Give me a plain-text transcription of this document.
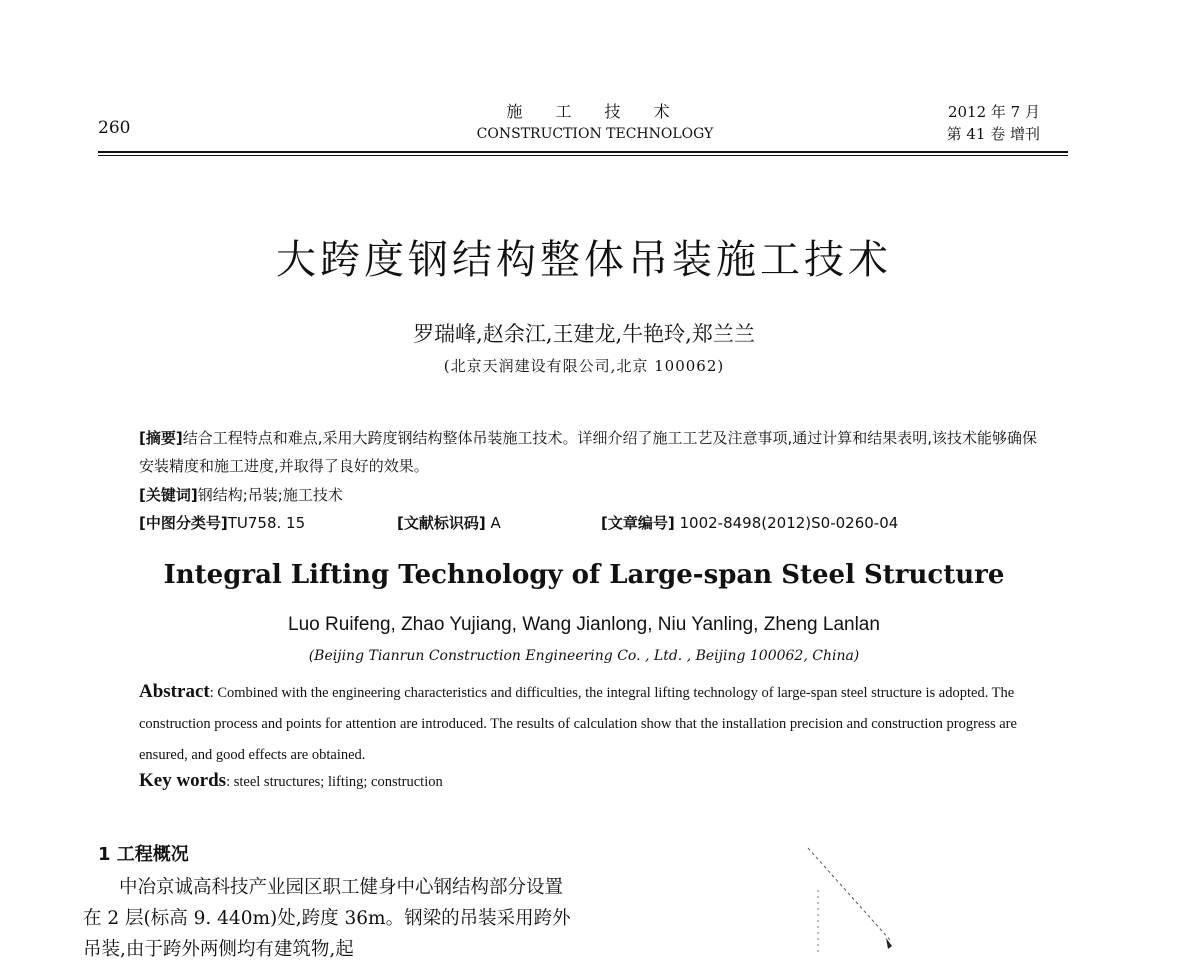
260
施 工 技 术
CONSTRUCTION TECHNOLOGY
2012 年 7 月
第 41 卷 增刊
大跨度钢结构整体吊装施工技术
罗瑞峰,赵余江,王建龙,牛艳玲,郑兰兰
(北京天润建设有限公司,北京 100062)
[摘要]结合工程特点和难点,采用大跨度钢结构整体吊装施工技术。详细介绍了施工工艺及注意事项,通过计算和结果表明,该技术能够确保安装精度和施工进度,并取得了良好的效果。
[关键词]钢结构;吊装;施工技术
[中图分类号]TU758. 15	[文献标识码] A	[文章编号] 1002-8498(2012)S0-0260-04
Integral Lifting Technology of Large-span Steel Structure
Luo Ruifeng, Zhao Yujiang, Wang Jianlong, Niu Yanling, Zheng Lanlan
(Beijing Tianrun Construction Engineering Co. , Ltd. , Beijing 100062, China)
Abstract: Combined with the engineering characteristics and difficulties, the integral lifting technology of large-span steel structure is adopted. The construction process and points for attention are introduced. The results of calculation show that the installation precision and construction progress are ensured, and good effects are obtained.
Key words: steel structures; lifting; construction
1 工程概况
中冶京诚高科技产业园区职工健身中心钢结构部分设置在 2 层(标高 9. 440m)处,跨度 36m。钢梁的吊装采用跨外吊装,由于跨外两侧均有建筑物,起
